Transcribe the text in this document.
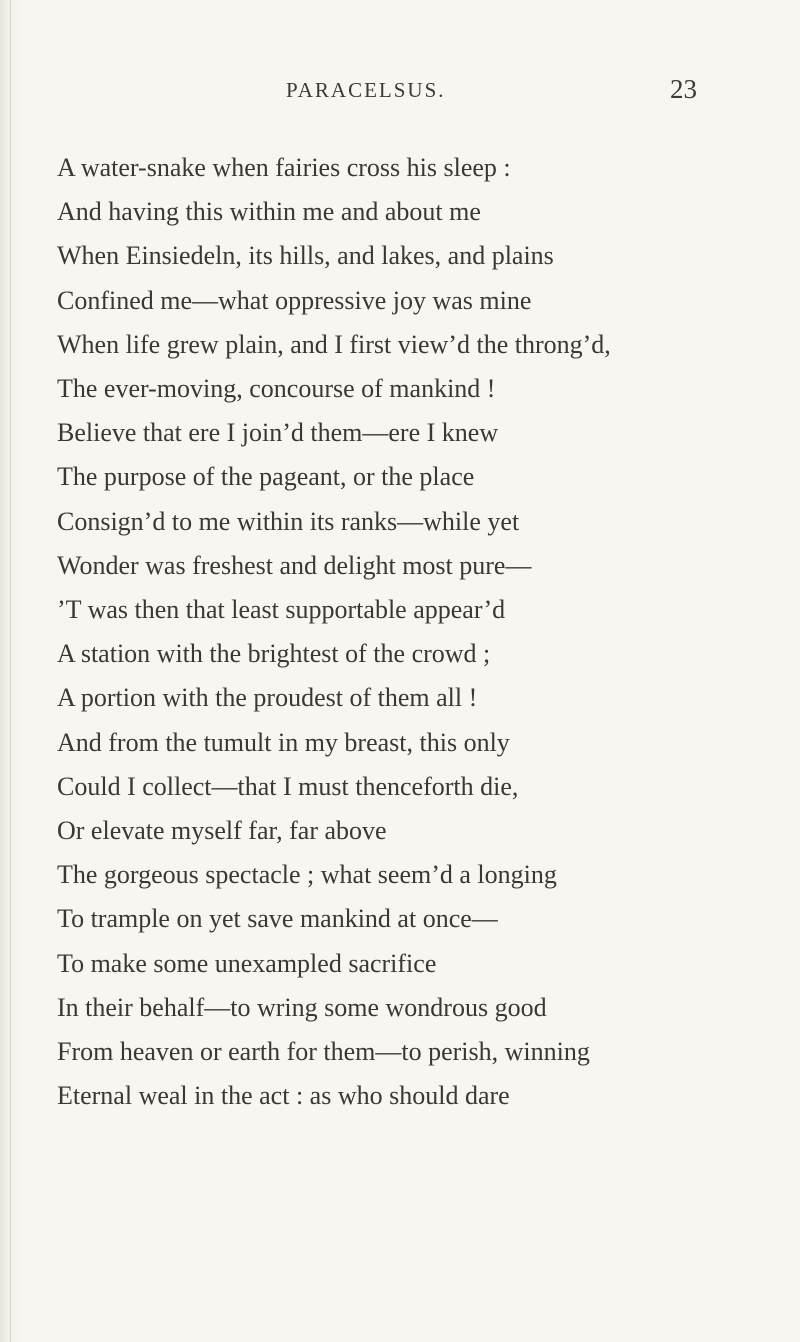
PARACELSUS.	23
A water-snake when fairies cross his sleep :
And having this within me and about me
When Einsiedeln, its hills, and lakes, and plains
Confined me—what oppressive joy was mine
When life grew plain, and I first view’d the throng’d,
The ever-moving, concourse of mankind !
Believe that ere I join’d them—ere I knew
The purpose of the pageant, or the place
Consign’d to me within its ranks—while yet
Wonder was freshest and delight most pure—
’T was then that least supportable appear’d
A station with the brightest of the crowd ;
A portion with the proudest of them all !
And from the tumult in my breast, this only
Could I collect—that I must thenceforth die,
Or elevate myself far, far above
The gorgeous spectacle ; what seem’d a longing
To trample on yet save mankind at once—
To make some unexampled sacrifice
In their behalf—to wring some wondrous good
From heaven or earth for them—to perish, winning
Eternal weal in the act : as who should dare
